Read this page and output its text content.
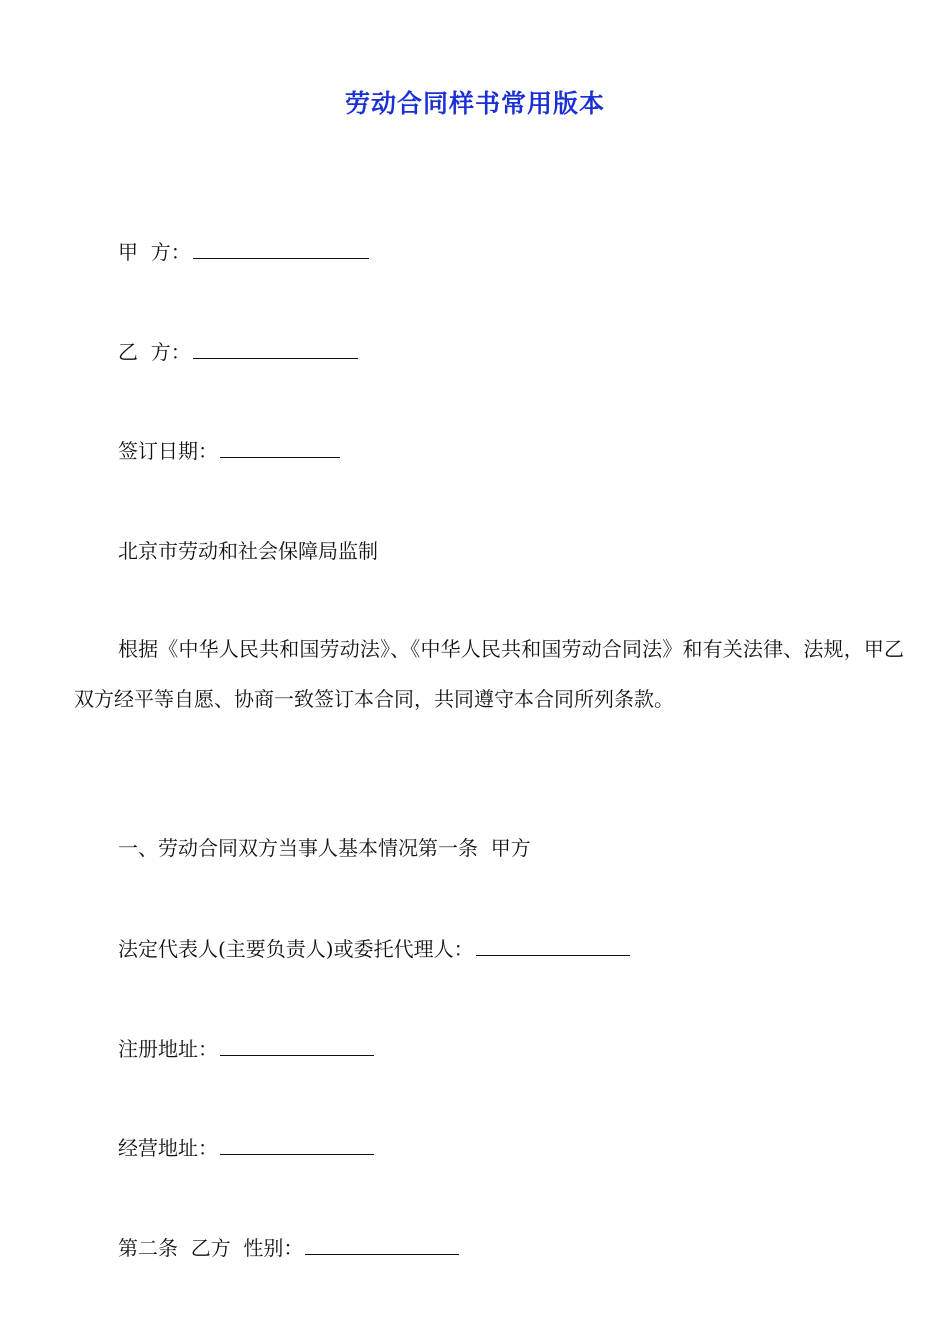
劳动合同样书常用版本
甲  方：
乙  方：
签订日期：
北京市劳动和社会保障局监制
根据《中华人民共和国劳动法》、《中华人民共和国劳动合同法》和有关法律、法规，甲乙双方经平等自愿、协商一致签订本合同，共同遵守本合同所列条款。
一、劳动合同双方当事人基本情况第一条  甲方
法定代表人(主要负责人)或委托代理人：
注册地址：
经营地址：
第二条  乙方  性别：
